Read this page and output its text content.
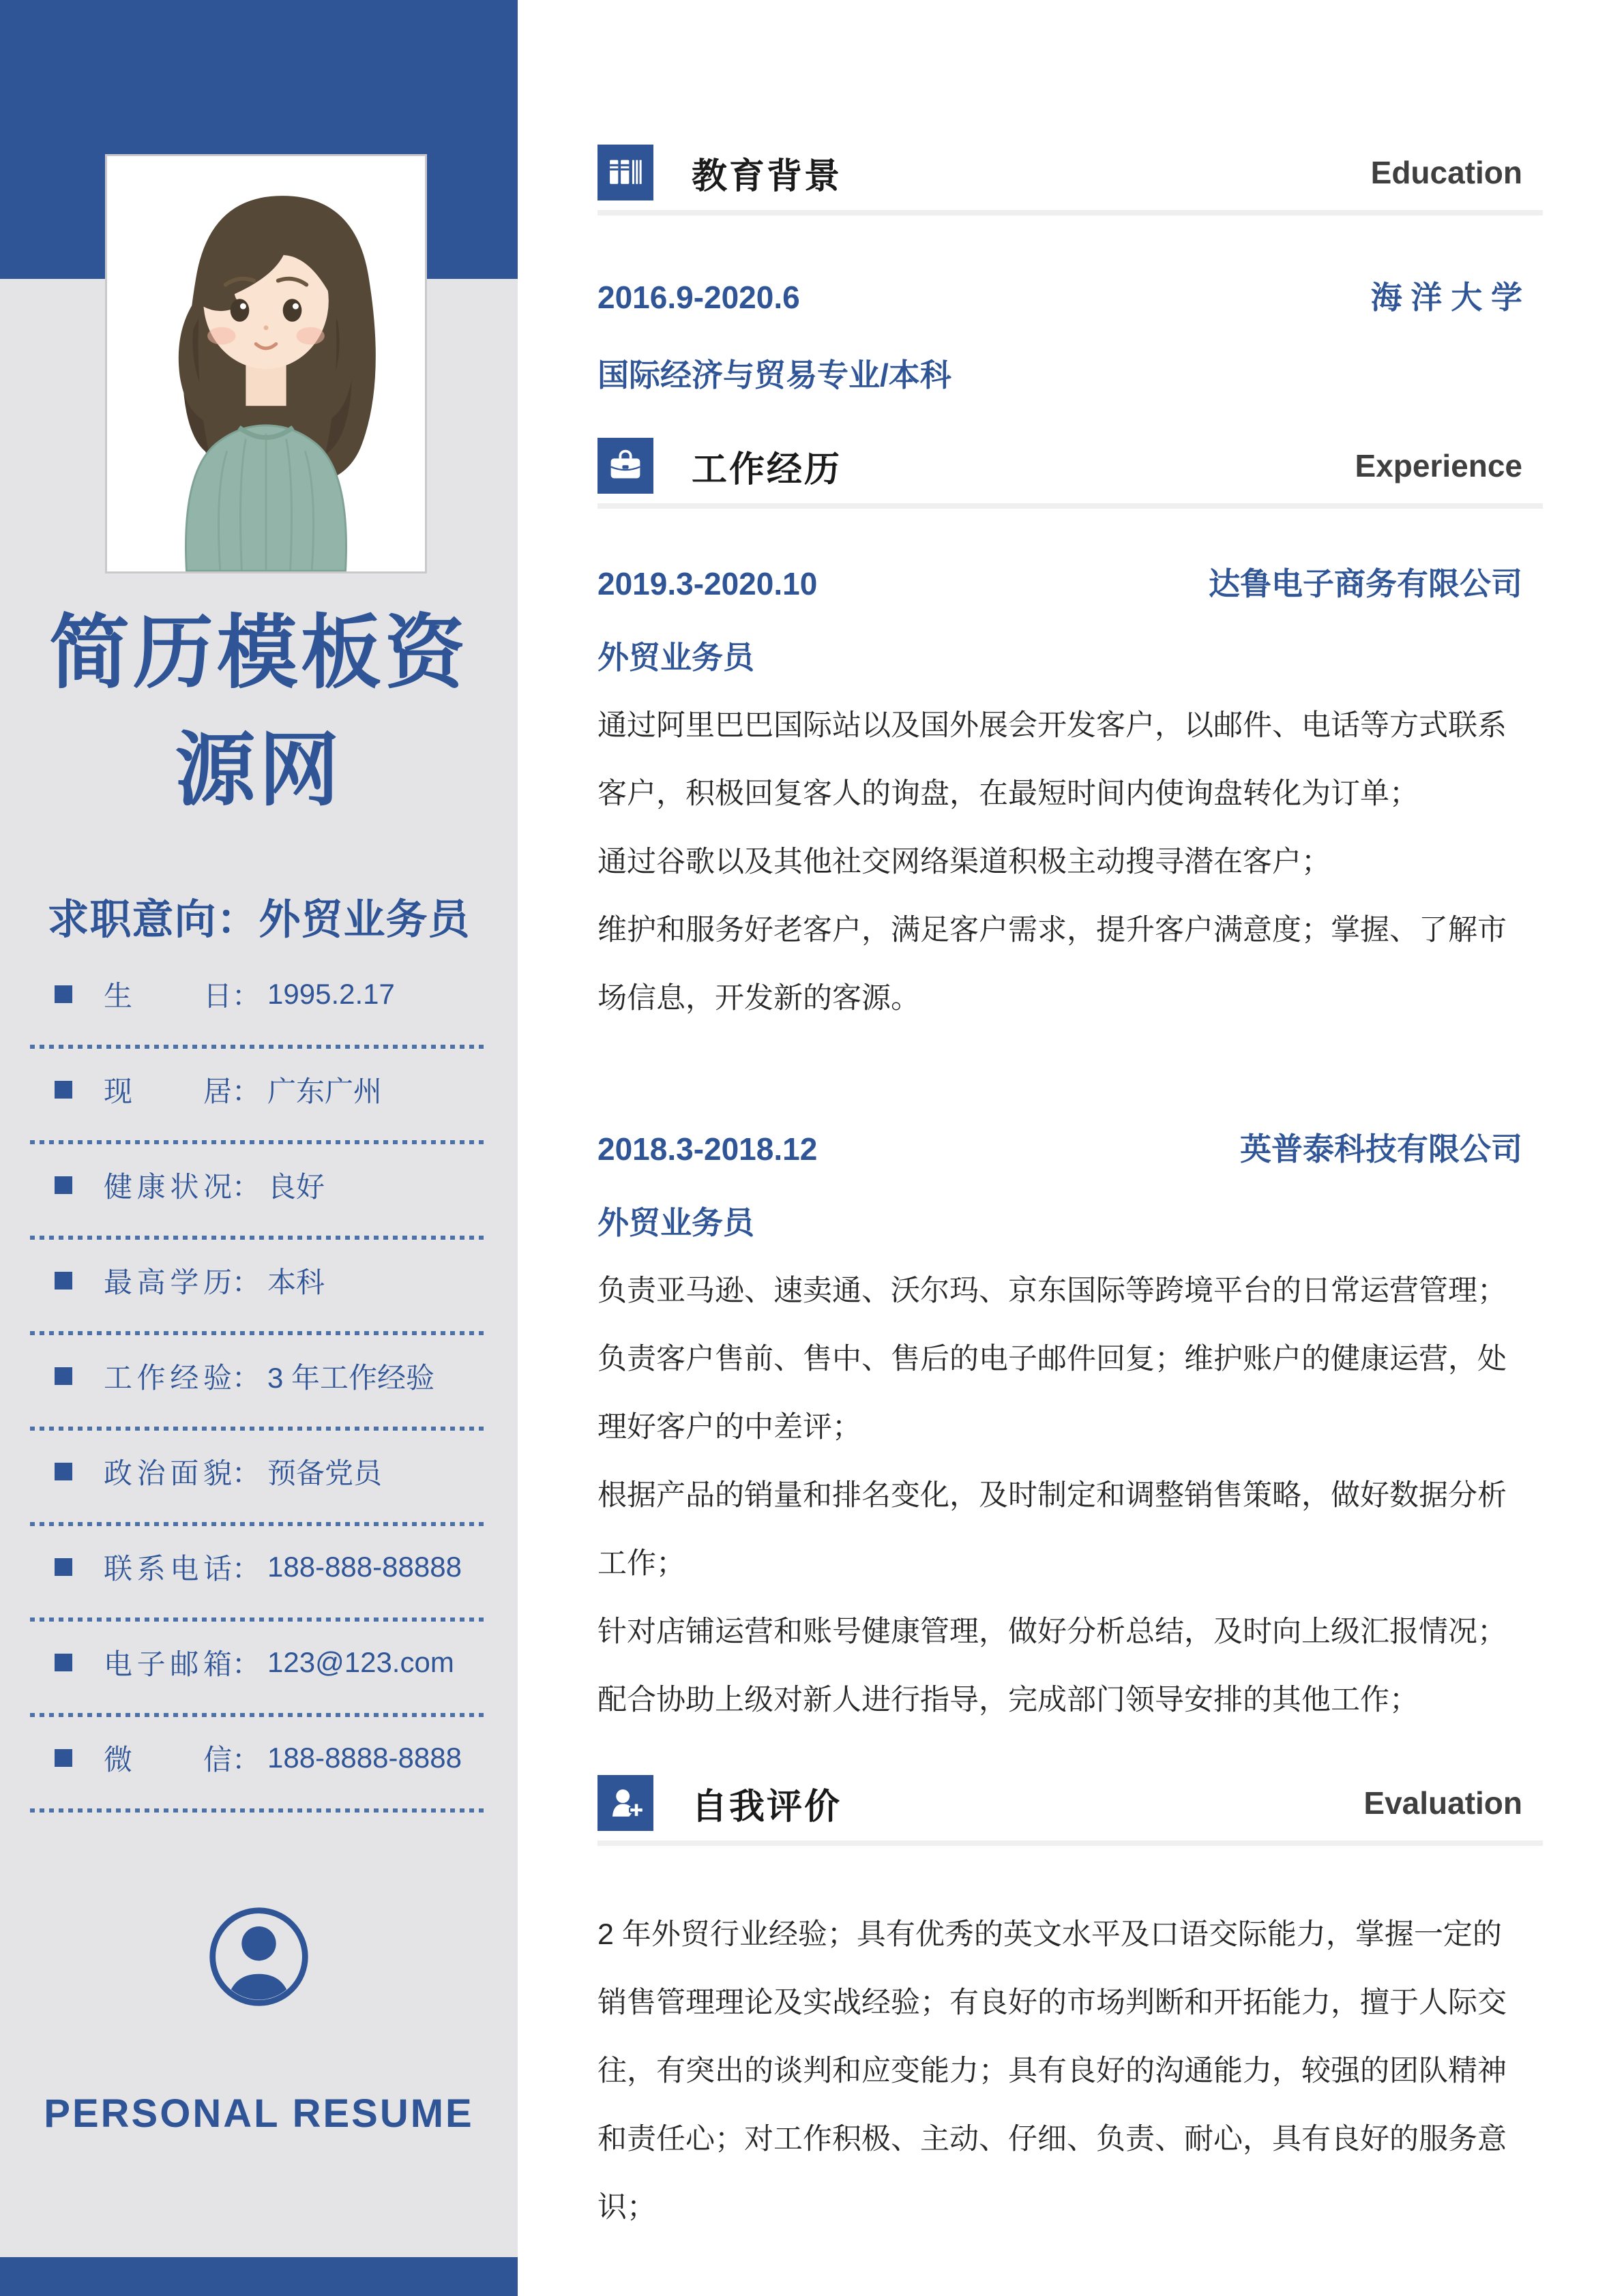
简历模板资
源网
求职意向：外贸业务员
生日 ： 1995.2.17
现居 ： 广东广州
健康状况 ： 良好
最高学历 ： 本科
工作经验 ： 3 年工作经验
政治面貌 ： 预备党员
联系电话 ： 188-888-88888
电子邮箱 ： 123@123.com
微信 ： 188-8888-8888
PERSONAL RESUME
教育背景	Education
2016.9-2020.6	海 洋 大 学
国际经济与贸易专业/本科
工作经历	Experience
2019.3-2020.10	达鲁电子商务有限公司
外贸业务员

通过阿里巴巴国际站以及国外展会开发客户，以邮件、电话等方式联系客户，积极回复客人的询盘，在最短时间内使询盘转化为订单；

通过谷歌以及其他社交网络渠道积极主动搜寻潜在客户；

维护和服务好老客户，满足客户需求，提升客户满意度；掌握、了解市场信息，开发新的客源。

2018.3-2018.12	英普泰科技有限公司
外贸业务员

负责亚马逊、速卖通、沃尔玛、京东国际等跨境平台的日常运营管理；

负责客户售前、售中、售后的电子邮件回复；维护账户的健康运营，处理好客户的中差评；

根据产品的销量和排名变化，及时制定和调整销售策略，做好数据分析工作；

针对店铺运营和账号健康管理，做好分析总结，及时向上级汇报情况；

配合协助上级对新人进行指导，完成部门领导安排的其他工作；

自我评价	Evaluation

2 年外贸行业经验；具有优秀的英文水平及口语交际能力，掌握一定的销售管理理论及实战经验；有良好的市场判断和开拓能力，擅于人际交往，有突出的谈判和应变能力；具有良好的沟通能力，较强的团队精神和责任心；对工作积极、主动、仔细、负责、耐心，具有良好的服务意识；
